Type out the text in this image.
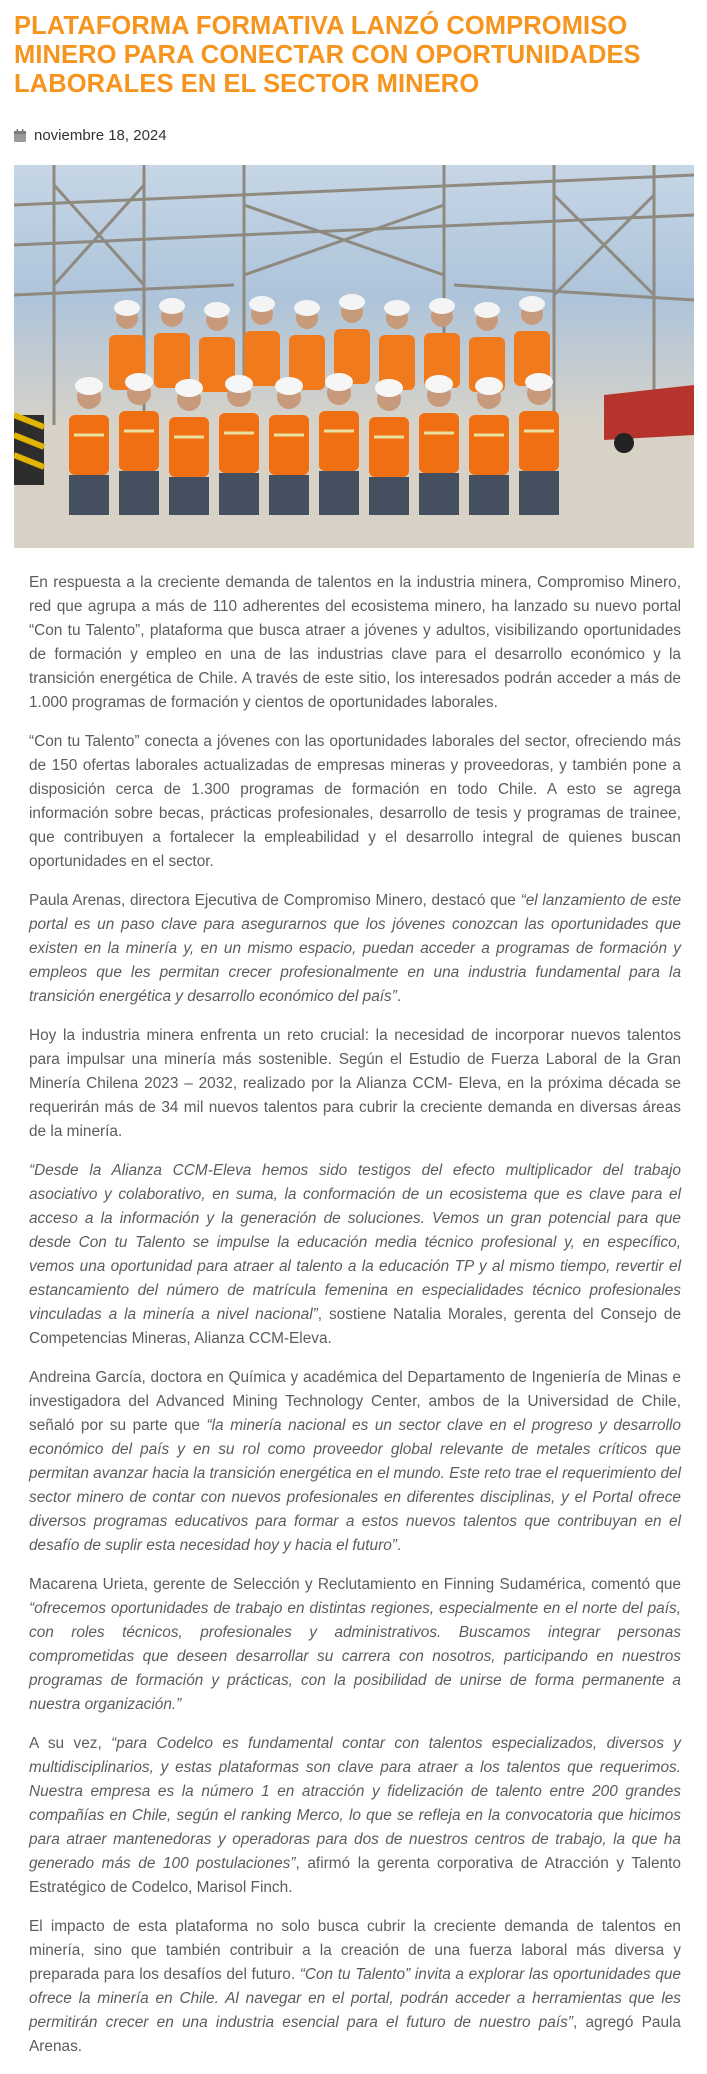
PLATAFORMA FORMATIVA LANZÓ COMPROMISO MINERO PARA CONECTAR CON OPORTUNIDADES LABORALES EN EL SECTOR MINERO
noviembre 18, 2024

En respuesta a la creciente demanda de talentos en la industria minera, Compromiso Minero, red que agrupa a más de 110 adherentes del ecosistema minero, ha lanzado su nuevo portal “Con tu Talento”, plataforma que busca atraer a jóvenes y adultos, visibilizando oportunidades de formación y empleo en una de las industrias clave para el desarrollo económico y la transición energética de Chile. A través de este sitio, los interesados podrán acceder a más de 1.000 programas de formación y cientos de oportunidades laborales.

“Con tu Talento” conecta a jóvenes con las oportunidades laborales del sector, ofreciendo más de 150 ofertas laborales actualizadas de empresas mineras y proveedoras, y también pone a disposición cerca de 1.300 programas de formación en todo Chile. A esto se agrega información sobre becas, prácticas profesionales, desarrollo de tesis y programas de trainee, que contribuyen a fortalecer la empleabilidad y el desarrollo integral de quienes buscan oportunidades en el sector.

Paula Arenas, directora Ejecutiva de Compromiso Minero, destacó que “el lanzamiento de este portal es un paso clave para asegurarnos que los jóvenes conozcan las oportunidades que existen en la minería y, en un mismo espacio, puedan acceder a programas de formación y empleos que les permitan crecer profesionalmente en una industria fundamental para la transición energética y desarrollo económico del país”.

Hoy la industria minera enfrenta un reto crucial: la necesidad de incorporar nuevos talentos para impulsar una minería más sostenible. Según el Estudio de Fuerza Laboral de la Gran Minería Chilena 2023 – 2032, realizado por la Alianza CCM- Eleva, en la próxima década se requerirán más de 34 mil nuevos talentos para cubrir la creciente demanda en diversas áreas de la minería.

“Desde la Alianza CCM-Eleva hemos sido testigos del efecto multiplicador del trabajo asociativo y colaborativo, en suma, la conformación de un ecosistema que es clave para el acceso a la información y la generación de soluciones. Vemos un gran potencial para que desde Con tu Talento se impulse la educación media técnico profesional y, en específico, vemos una oportunidad para atraer al talento a la educación TP y al mismo tiempo, revertir el estancamiento del número de matrícula femenina en especialidades técnico profesionales vinculadas a la minería a nivel nacional”, sostiene Natalia Morales, gerenta del Consejo de Competencias Mineras, Alianza CCM-Eleva.

Andreina García, doctora en Química y académica del Departamento de Ingeniería de Minas e investigadora del Advanced Mining Technology Center, ambos de la Universidad de Chile, señaló por su parte que “la minería nacional es un sector clave en el progreso y desarrollo económico del país y en su rol como proveedor global relevante de metales críticos que permitan avanzar hacia la transición energética en el mundo. Este reto trae el requerimiento del sector minero de contar con nuevos profesionales en diferentes disciplinas, y el Portal ofrece diversos programas educativos para formar a estos nuevos talentos que contribuyan en el desafío de suplir esta necesidad hoy y hacia el futuro”.

Macarena Urieta, gerente de Selección y Reclutamiento en Finning Sudamérica, comentó que “ofrecemos oportunidades de trabajo en distintas regiones, especialmente en el norte del país, con roles técnicos, profesionales y administrativos. Buscamos integrar personas comprometidas que deseen desarrollar su carrera con nosotros, participando en nuestros programas de formación y prácticas, con la posibilidad de unirse de forma permanente a nuestra organización.”

A su vez, “para Codelco es fundamental contar con talentos especializados, diversos y multidisciplinarios, y estas plataformas son clave para atraer a los talentos que requerimos. Nuestra empresa es la número 1 en atracción y fidelización de talento entre 200 grandes compañías en Chile, según el ranking Merco, lo que se refleja en la convocatoria que hicimos para atraer mantenedoras y operadoras para dos de nuestros centros de trabajo, la que ha generado más de 100 postulaciones”, afirmó la gerenta corporativa de Atracción y Talento Estratégico de Codelco, Marisol Finch.

El impacto de esta plataforma no solo busca cubrir la creciente demanda de talentos en minería, sino que también contribuir a la creación de una fuerza laboral más diversa y preparada para los desafíos del futuro. “Con tu Talento” invita a explorar las oportunidades que ofrece la minería en Chile. Al navegar en el portal, podrán acceder a herramientas que les permitirán crecer en una industria esencial para el futuro de nuestro país”, agregó Paula Arenas.
